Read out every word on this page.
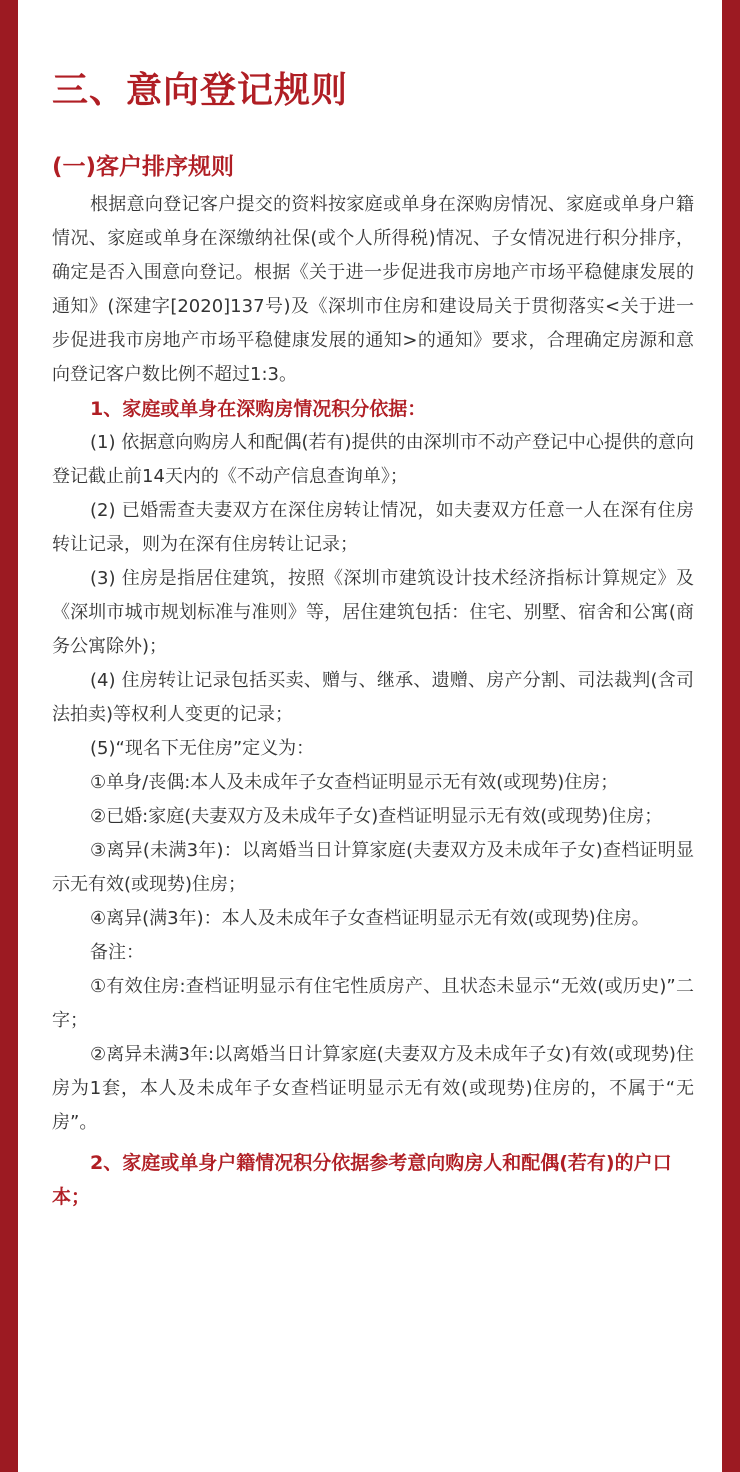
三、意向登记规则
(一)客户排序规则

根据意向登记客户提交的资料按家庭或单身在深购房情况、家庭或单身户籍情况、家庭或单身在深缴纳社保(或个人所得税)情况、子女情况进行积分排序，确定是否入围意向登记。根据《关于进一步促进我市房地产市场平稳健康发展的通知》(深建字[2020]137号)及《深圳市住房和建设局关于贯彻落实<关于进一步促进我市房地产市场平稳健康发展的通知>的通知》要求，合理确定房源和意向登记客户数比例不超过1:3。

1、家庭或单身在深购房情况积分依据：

(1) 依据意向购房人和配偶(若有)提供的由深圳市不动产登记中心提供的意向登记截止前14天内的《不动产信息查询单》；

(2) 已婚需查夫妻双方在深住房转让情况，如夫妻双方任意一人在深有住房转让记录，则为在深有住房转让记录；

(3) 住房是指居住建筑，按照《深圳市建筑设计技术经济指标计算规定》及《深圳市城市规划标准与准则》等，居住建筑包括：住宅、别墅、宿舍和公寓(商务公寓除外)；

(4) 住房转让记录包括买卖、赠与、继承、遗赠、房产分割、司法裁判(含司法拍卖)等权利人变更的记录；

(5)“现名下无住房”定义为：

①单身/丧偶:本人及未成年子女查档证明显示无有效(或现势)住房；

②已婚:家庭(夫妻双方及未成年子女)查档证明显示无有效(或现势)住房；

③离异(未满3年)：以离婚当日计算家庭(夫妻双方及未成年子女)查档证明显示无有效(或现势)住房；

④离异(满3年)：本人及未成年子女查档证明显示无有效(或现势)住房。

备注：

①有效住房:查档证明显示有住宅性质房产、且状态未显示“无效(或历史)”二字；

②离异未满3年:以离婚当日计算家庭(夫妻双方及未成年子女)有效(或现势)住房为1套，本人及未成年子女查档证明显示无有效(或现势)住房的，不属于“无房”。

2、家庭或单身户籍情况积分依据参考意向购房人和配偶(若有)的户口本；
